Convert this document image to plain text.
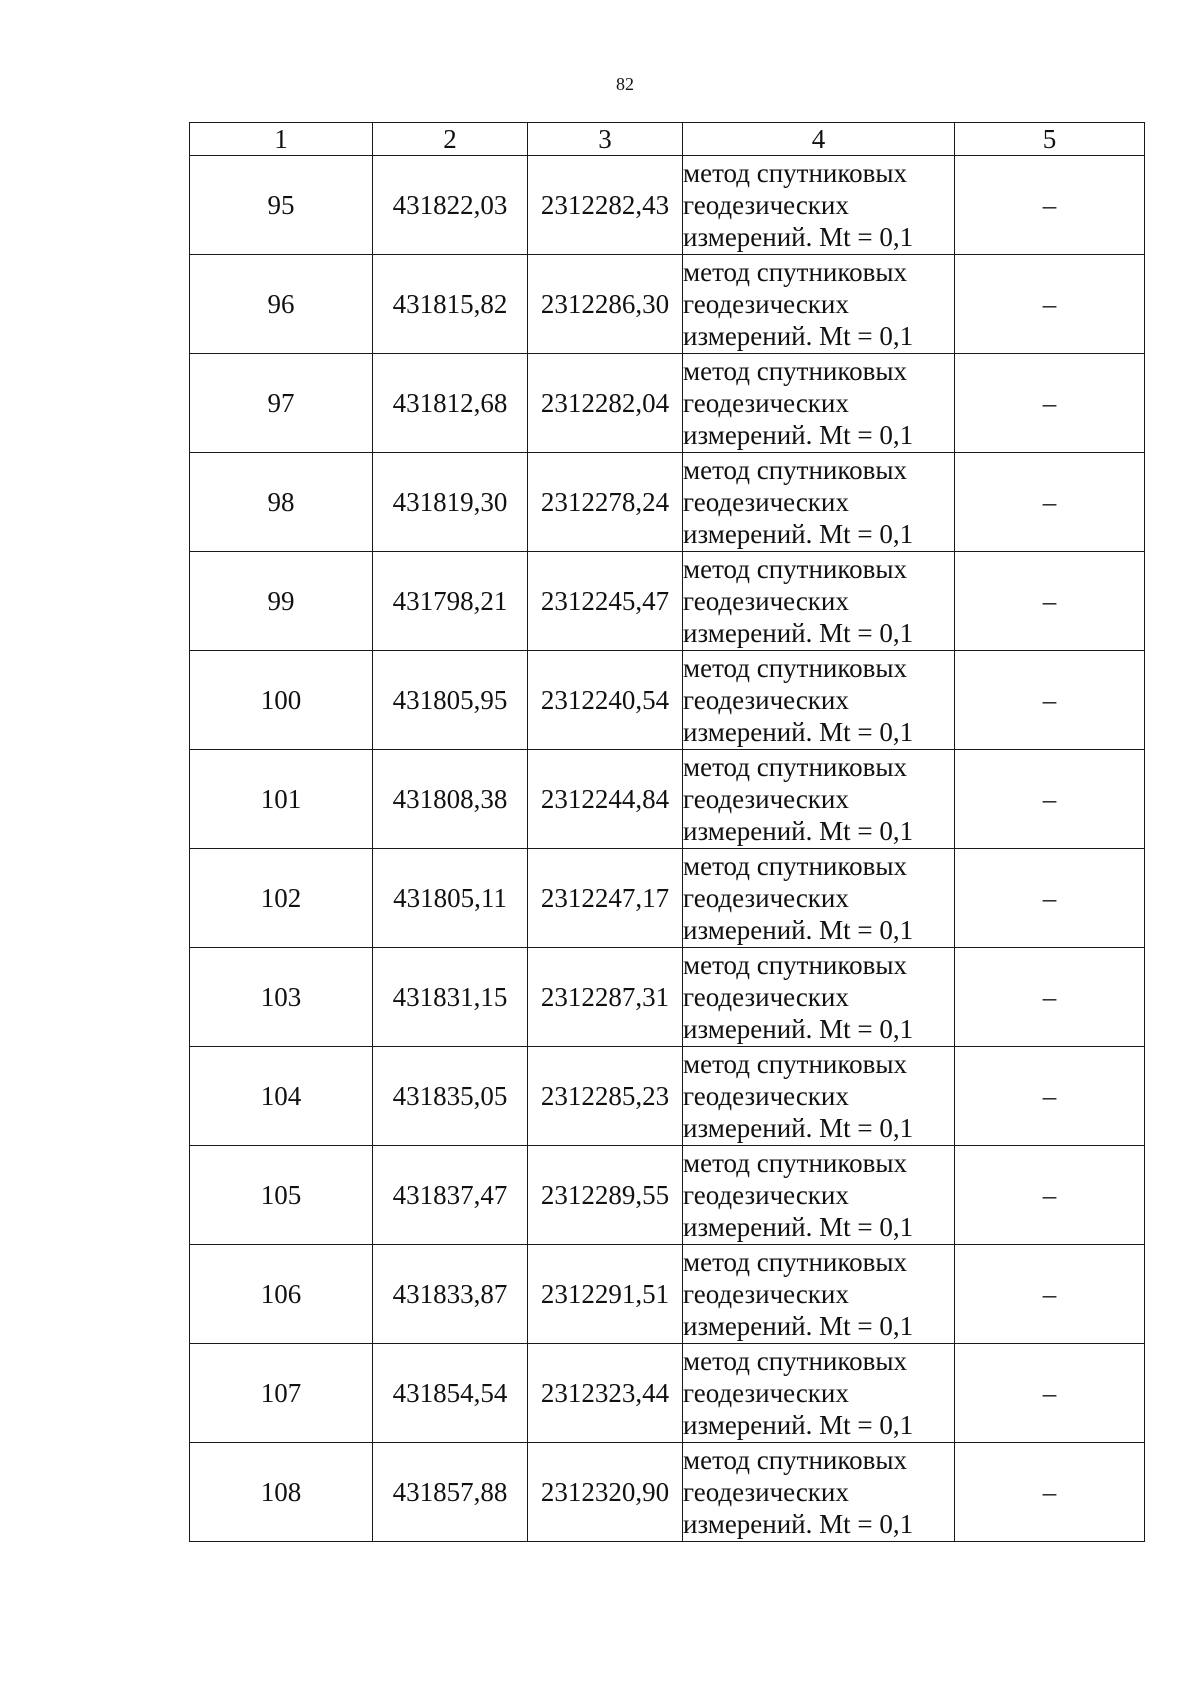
82
1	2	3	4	5
95	431822,03	2312282,43	метод спутниковых
геодезических
измерений. Mt = 0,1	–
96	431815,82	2312286,30	метод спутниковых
геодезических
измерений. Mt = 0,1	–
97	431812,68	2312282,04	метод спутниковых
геодезических
измерений. Mt = 0,1	–
98	431819,30	2312278,24	метод спутниковых
геодезических
измерений. Mt = 0,1	–
99	431798,21	2312245,47	метод спутниковых
геодезических
измерений. Mt = 0,1	–
100	431805,95	2312240,54	метод спутниковых
геодезических
измерений. Mt = 0,1	–
101	431808,38	2312244,84	метод спутниковых
геодезических
измерений. Mt = 0,1	–
102	431805,11	2312247,17	метод спутниковых
геодезических
измерений. Mt = 0,1	–
103	431831,15	2312287,31	метод спутниковых
геодезических
измерений. Mt = 0,1	–
104	431835,05	2312285,23	метод спутниковых
геодезических
измерений. Mt = 0,1	–
105	431837,47	2312289,55	метод спутниковых
геодезических
измерений. Mt = 0,1	–
106	431833,87	2312291,51	метод спутниковых
геодезических
измерений. Mt = 0,1	–
107	431854,54	2312323,44	метод спутниковых
геодезических
измерений. Mt = 0,1	–
108	431857,88	2312320,90	метод спутниковых
геодезических
измерений. Mt = 0,1	–
